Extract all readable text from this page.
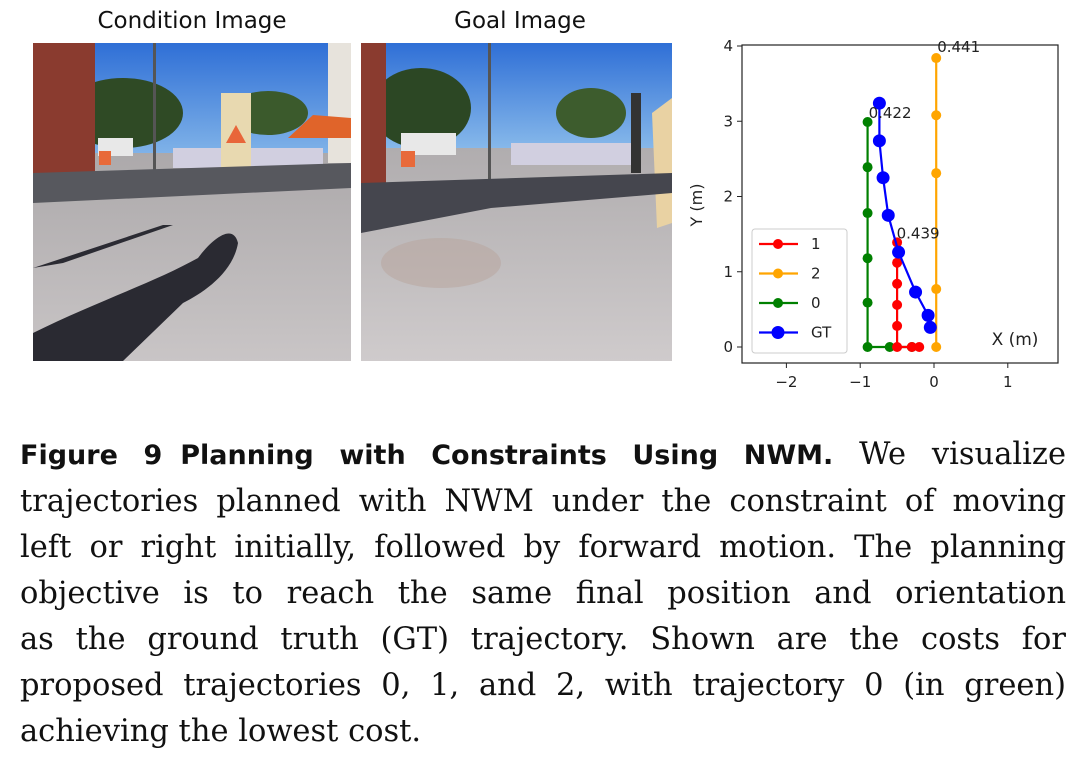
Condition Image	Goal Image
−2	−1	0	1
0
1
2
3
4
Y (m)
X (m)
0.441
0.422
0.439
1
2
0
GT
Figure 9 Planning with Constraints Using NWM. We visualize
trajectories planned with NWM under the constraint of moving
left or right initially, followed by forward motion. The planning
objective is to reach the same final position and orientation
as the ground truth (GT) trajectory. Shown are the costs for
proposed trajectories 0, 1, and 2, with trajectory 0 (in green)
achieving the lowest cost.
